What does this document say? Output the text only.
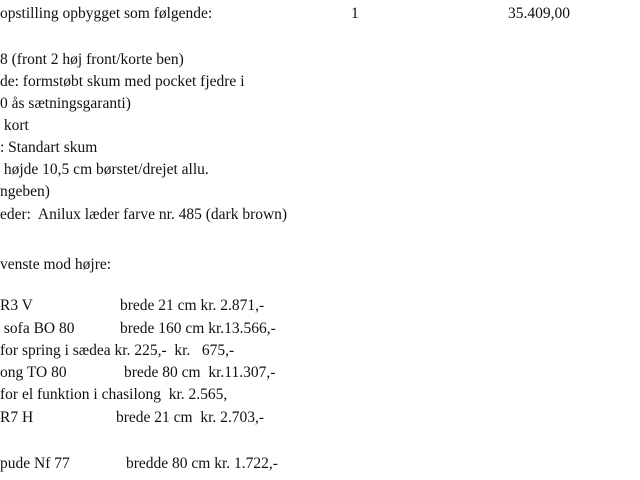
opstilling opbygget som følgende:	1	35.409,00
8 (front 2 høj front/korte ben)
de: formstøbt skum med pocket fjedre i
0 ås sætningsgaranti)
kort
: Standart skum
højde 10,5 cm børstet/drejet allu.
ngeben)
eder:  Anilux læder farve nr. 485 (dark brown)
venste mod højre:
R3 V	brede 21 cm kr. 2.871,-
sofa BO 80	brede 160 cm kr.13.566,-
for spring i sædea kr. 225,-  kr.   675,-
ong TO 80	brede 80 cm  kr.11.307,-
for el funktion i chasilong  kr. 2.565,
R7 H	brede 21 cm  kr. 2.703,-
pude Nf 77	bredde 80 cm kr. 1.722,-
